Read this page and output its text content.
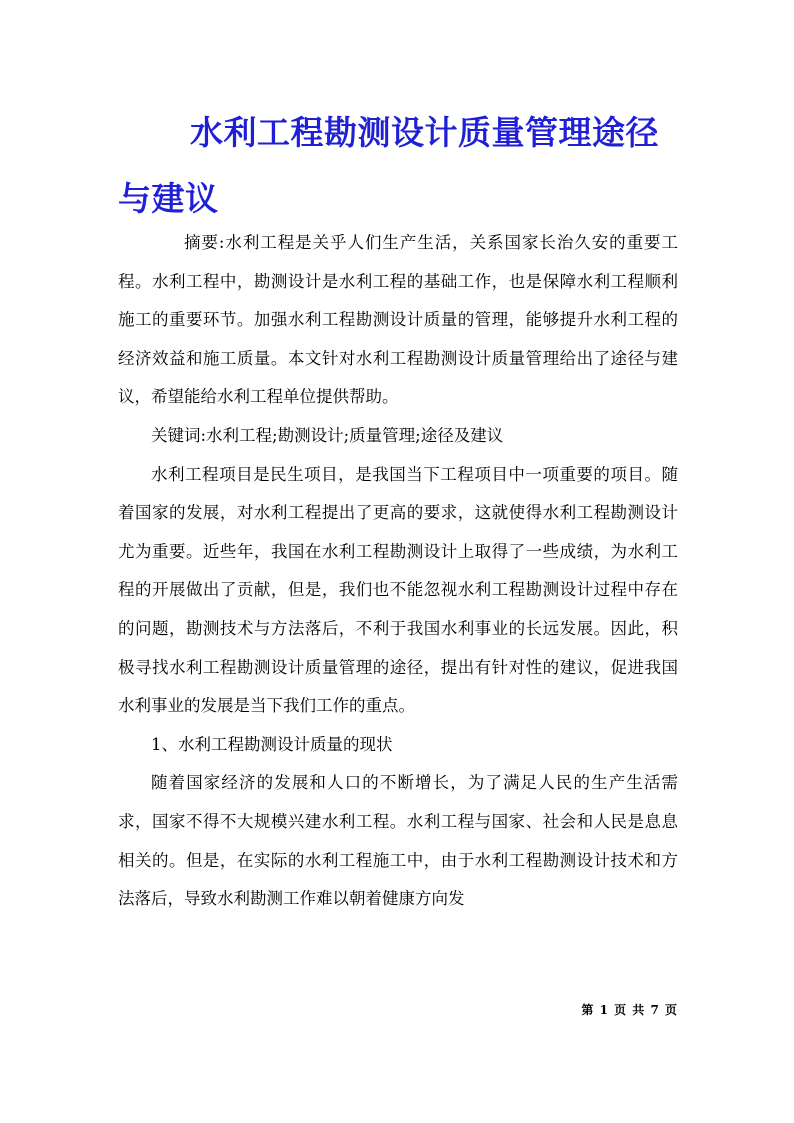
水利工程勘测设计质量管理途径
与建议

摘要:水利工程是关乎人们生产生活，关系国家长治久安的重要工程。水利工程中，勘测设计是水利工程的基础工作，也是保障水利工程顺利施工的重要环节。加强水利工程勘测设计质量的管理，能够提升水利工程的经济效益和施工质量。本文针对水利工程勘测设计质量管理给出了途径与建议，希望能给水利工程单位提供帮助。

关键词:水利工程;勘测设计;质量管理;途径及建议

水利工程项目是民生项目，是我国当下工程项目中一项重要的项目。随着国家的发展，对水利工程提出了更高的要求，这就使得水利工程勘测设计尤为重要。近些年，我国在水利工程勘测设计上取得了一些成绩，为水利工程的开展做出了贡献，但是，我们也不能忽视水利工程勘测设计过程中存在的问题，勘测技术与方法落后，不利于我国水利事业的长远发展。因此，积极寻找水利工程勘测设计质量管理的途径，提出有针对性的建议，促进我国水利事业的发展是当下我们工作的重点。

1、水利工程勘测设计质量的现状

随着国家经济的发展和人口的不断增长，为了满足人民的生产生活需求，国家不得不大规模兴建水利工程。水利工程与国家、社会和人民是息息相关的。但是，在实际的水利工程施工中，由于水利工程勘测设计技术和方法落后，导致水利勘测工作难以朝着健康方向发

第 1 页 共 7 页
